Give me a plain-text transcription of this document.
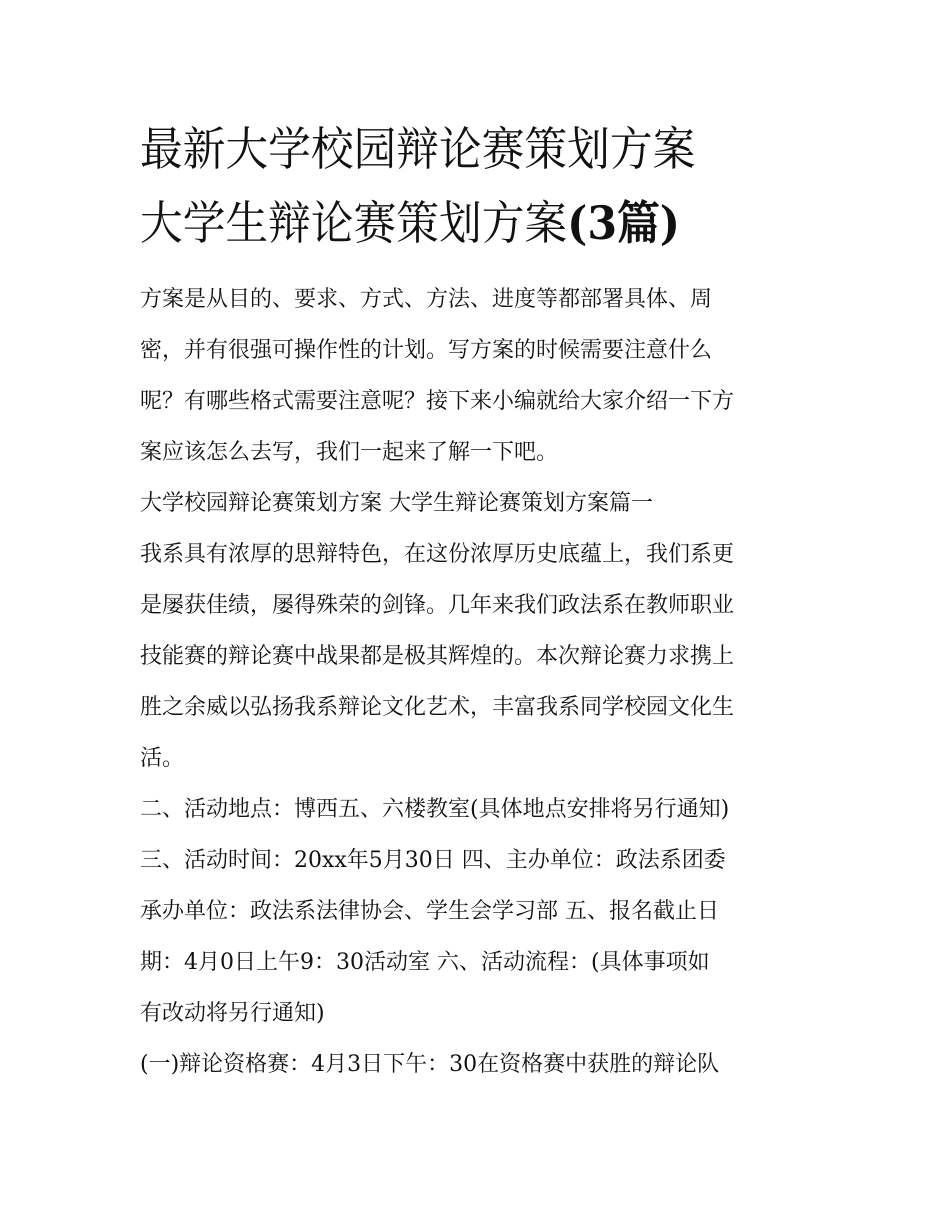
最新大学校园辩论赛策划方案
大学生辩论赛策划方案(3篇)
方案是从目的、要求、方式、方法、进度等都部署具体、周
密，并有很强可操作性的计划。写方案的时候需要注意什么
呢？有哪些格式需要注意呢？接下来小编就给大家介绍一下方
案应该怎么去写，我们一起来了解一下吧。
大学校园辩论赛策划方案 大学生辩论赛策划方案篇一
我系具有浓厚的思辩特色，在这份浓厚历史底蕴上，我们系更
是屡获佳绩，屡得殊荣的剑锋。几年来我们政法系在教师职业
技能赛的辩论赛中战果都是极其辉煌的。本次辩论赛力求携上
胜之余威以弘扬我系辩论文化艺术，丰富我系同学校园文化生
活。
二、活动地点：博西五、六楼教室(具体地点安排将另行通知)
三、活动时间：20xx年5月30日 四、主办单位：政法系团委
承办单位：政法系法律协会、学生会学习部 五、报名截止日
期：4月0日上午9：30活动室 六、活动流程：(具体事项如
有改动将另行通知)
(一)辩论资格赛：4月3日下午：30在资格赛中获胜的辩论队
